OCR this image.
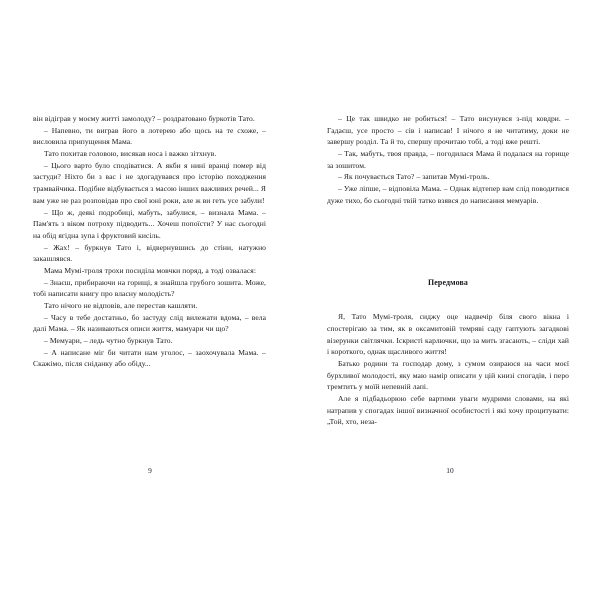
він відіграв у моєму житті замолоду? – роздратовано буркотів Тато.

– Напевно, ти виграв його в лотерею або щось на те схоже, – висловила припущення Мама.

Тато похитав головою, висякав носа і важко зітхнув.

– Цього варто було сподіватися. А якби я нині вранці помер від застуди? Ніхто би з вас і не здогадувався про історію походження трамвайчика. Подібне відбувається з масою інших важливих речей... Я вам уже не раз розповідав про свої юні роки, але ж ви геть усе забули!

– Що ж, деякі подробиці, мабуть, забулися, – визнала Мама. – Пам'ять з віком потроху підводить... Хочеш попоїсти? У нас сьогодні на обід ягідна зупа і фруктовий кисіль.

– Жах! – буркнув Тато і, відвернувшись до стіни, натужно закашлявся.

Мама Мумі-троля трохи посиділа мовчки поряд, а тоді озвалася:

– Знаєш, прибираючи на горищі, я знайшла грубого зошита. Може, тобі написати книгу про власну молодість?

Тато нічого не відповів, але перестав кашляти.

– Часу в тебе достатньо, бо застуду слід вилежати вдома, – вела далі Мама. – Як називаються описи життя, мамуари чи що?

– Мемуари, – ледь чутно буркнув Тато.

– А написане міг би читати нам уголос, – заохочувала Мама. – Скажімо, після сніданку або обіду...

9

– Це так швидко не робиться! – Тато висунувся з-під ковдри. – Гадаєш, усе просто – сів і написав! І нічого я не читатиму, доки не завершу розділ. Та й то, спершу прочитаю тобі, а тоді вже решті.

– Так, мабуть, твоя правда, – погодилася Мама й подалася на горище за зошитом.

– Як почувається Тато? – запитав Мумі-троль.

– Уже ліпше, – відповіла Мама. – Однак відтепер вам слід поводитися дуже тихо, бо сьогодні твій татко взявся до написання мемуарів.

Передмова

Я, Тато Мумі-троля, сиджу оце надвечір біля свого вікна і спостерігаю за тим, як в оксамитовій темряві саду гаптують загадкові візерунки світлячки. Іскристі карлючки, що за мить згасають, – сліди хай і короткого, однак щасливого життя!

Батько родини та господар дому, з сумом озираюся на часи моєї бурхливої молодості, яку маю намір описати у цій книзі спогадів, і перо тремтить у моїй непевній лапі.

Але я підбадьорюю себе вартими уваги мудрими словами, на які натрапив у спогадах іншої визначної особистості і які хочу процитувати: „Той, хто, неза-

10
